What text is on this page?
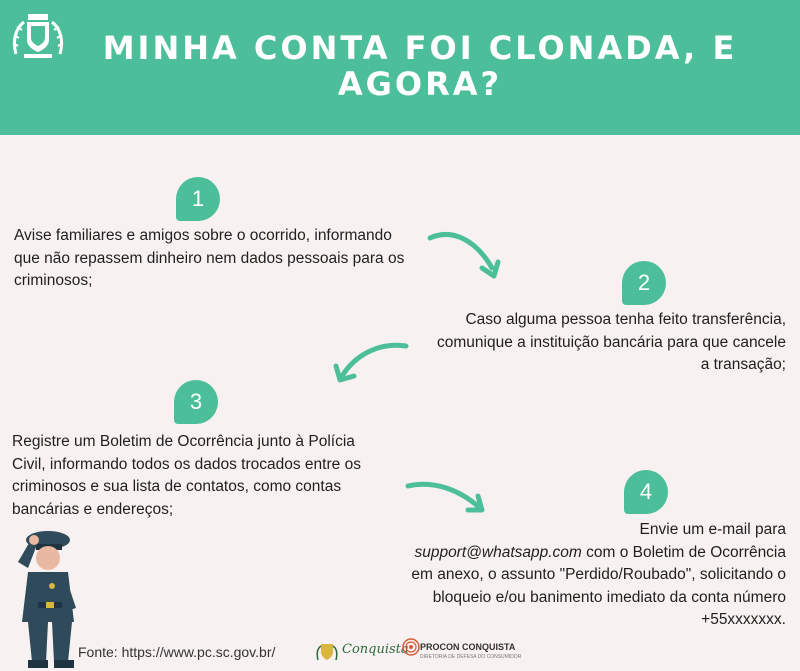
MINHA CONTA FOI CLONADA, E AGORA?
1
Avise familiares e amigos sobre o ocorrido, informando que não repassem dinheiro nem dados pessoais para os criminosos;	2
Caso alguma pessoa tenha feito transferência, comunique a instituição bancária para que cancele a transação;
3
Registre um Boletim de Ocorrência junto à Polícia Civil, informando todos os dados trocados entre os criminosos e sua lista de contatos, como contas bancárias e endereços;
4
Envie um e-mail para
support@whatsapp.com com o Boletim de Ocorrência em anexo, o assunto "Perdido/Roubado", solicitando o bloqueio e/ou banimento imediato da conta número +55xxxxxxx.
Fonte: https://www.pc.sc.gov.br/	Conquista PROCON CONQUISTA
DIRETORIA DE DEFESA DO CONSUMIDOR
